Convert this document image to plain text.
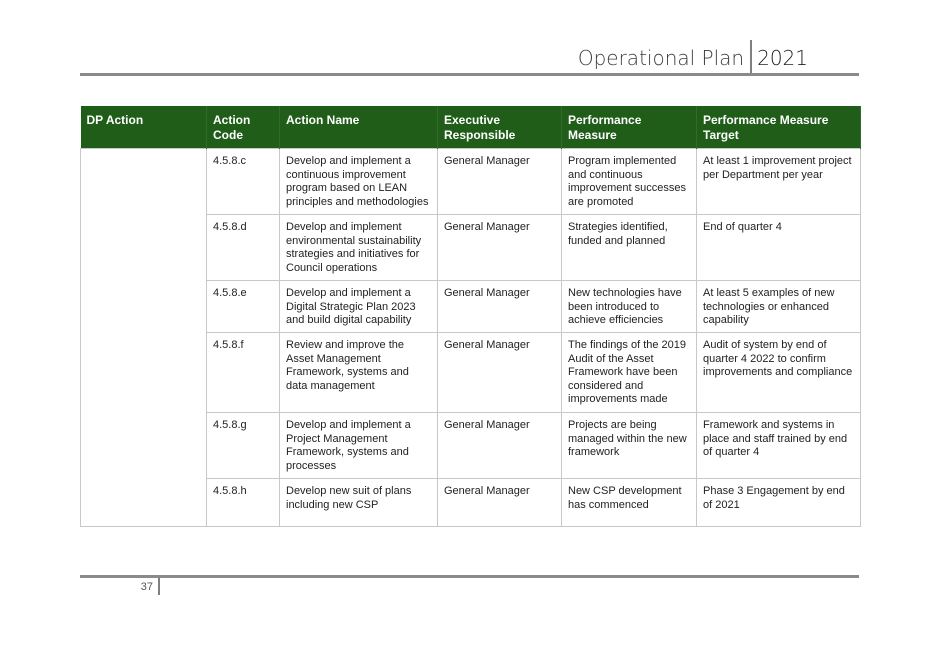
Operational Plan 2021
DP Action	Action Code	Action Name	Executive Responsible	Performance Measure	Performance Measure Target
	4.5.8.c	Develop and implement a continuous improvement program based on LEAN principles and methodologies	General Manager	Program implemented and continuous improvement successes are promoted	At least 1 improvement project per Department per year
	4.5.8.d	Develop and implement environmental sustainability strategies and initiatives for Council operations	General Manager	Strategies identified, funded and planned	End of quarter 4
	4.5.8.e	Develop and implement a Digital Strategic Plan 2023 and build digital capability	General Manager	New technologies have been introduced to achieve efficiencies	At least 5 examples of new technologies or enhanced capability
	4.5.8.f	Review and improve the Asset Management Framework, systems and data management	General Manager	The findings of the 2019 Audit of the Asset Framework have been considered and improvements made	Audit of system by end of quarter 4 2022 to confirm improvements and compliance
	4.5.8.g	Develop and implement a Project Management Framework, systems and processes	General Manager	Projects are being managed within the new framework	Framework and systems in place and staff trained by end of quarter 4
	4.5.8.h	Develop new suit of plans including new CSP	General Manager	New CSP development has commenced	Phase 3 Engagement by end of 2021
37
